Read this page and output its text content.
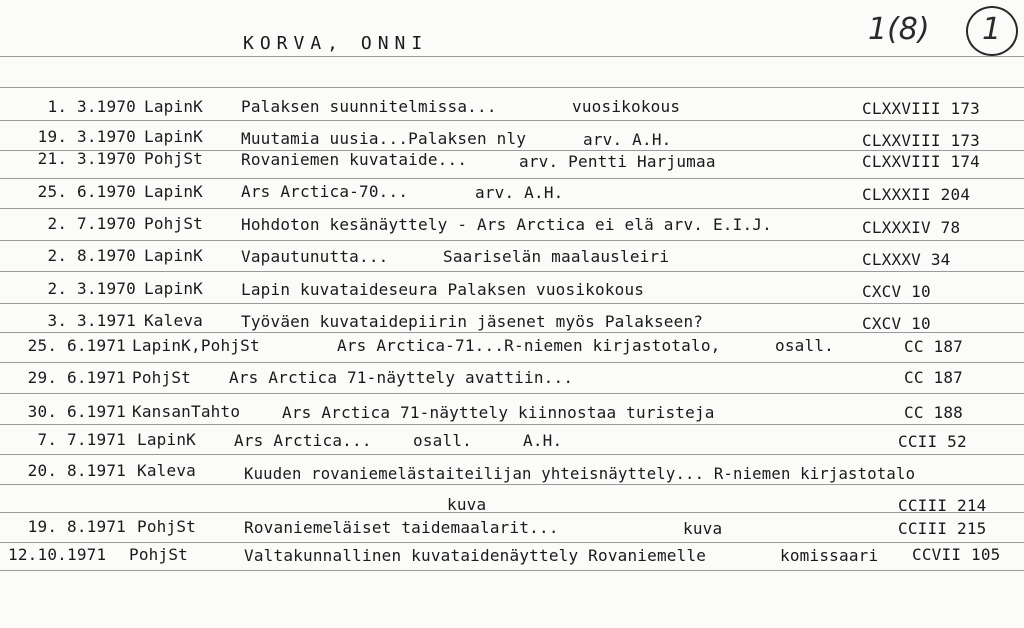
KORVA, ONNI	1(8) 1
1. 3.1970 LapinK Palaksen suunnitelmissa...	vuosikokous	CLXXVIII 173
19. 3.1970 LapinK Muutamia uusia...Palaksen nly	arv. A.H.	CLXXVIII 173
21. 3.1970 PohjSt Rovaniemen kuvataide...	arv. Pentti Harjumaa	CLXXVIII 174
25. 6.1970 LapinK Ars Arctica-70...	arv. A.H.	CLXXXII 204
2. 7.1970 PohjSt Hohdoton kesänäyttely - Ars Arctica ei elä arv. E.I.J.	CLXXXIV 78
2. 8.1970 LapinK Vapautunutta...	Saariselän maalausleiri	CLXXXV 34
2. 3.1970 LapinK Lapin kuvataideseura Palaksen vuosikokous	CXCV 10
3. 3.1971 Kaleva Työväen kuvataidepiirin jäsenet myös Palakseen?	CXCV 10
25. 6.1971 LapinK,PohjSt	Ars Arctica-71...R-niemen kirjastotalo,	osall.	CC 187
29. 6.1971 PohjSt Ars Arctica 71-näyttely avattiin...	CC 187
30. 6.1971 KansanTahto	Ars Arctica 71-näyttely kiinnostaa turisteja	CC 188
7. 7.1971 LapinK Ars Arctica...	osall.	A.H.	CCII 52
20. 8.1971 Kaleva	Kuuden rovaniemelästaiteilijan yhteisnäyttely... R-niemen kirjastotalo
kuva	CCIII 214
19. 8.1971 PohjSt	Rovaniemeläiset taidemaalarit...	kuva	CCIII 215
12.10.1971 PohjSt	Valtakunnallinen kuvataidenäyttely Rovaniemelle	komissaari CCVII 105
